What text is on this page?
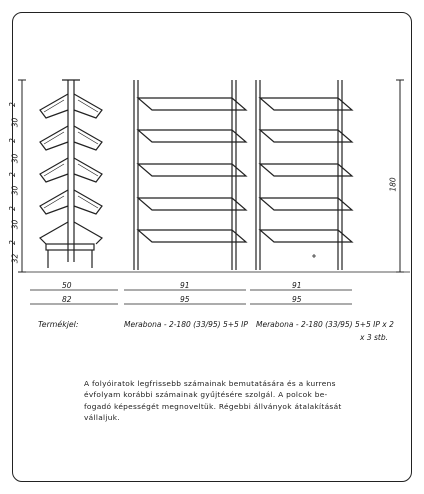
2
30
2
30
2
30
2
30
2
32
180
50
82
91
95
91
95
Termékjel:	Merabona - 2-180 (33/95) 5+5 IP Merabona - 2-180 (33/95) 5+5 IP x 2
x 3 stb.
A folyóiratok legfrissebb számainak bemutatására és a kurrens
évfolyam korábbi számainak gyűjtésére szolgál. A polcok be-
fogadó képességét megnoveltük. Régebbi állványok átalakítását
vállaljuk.
